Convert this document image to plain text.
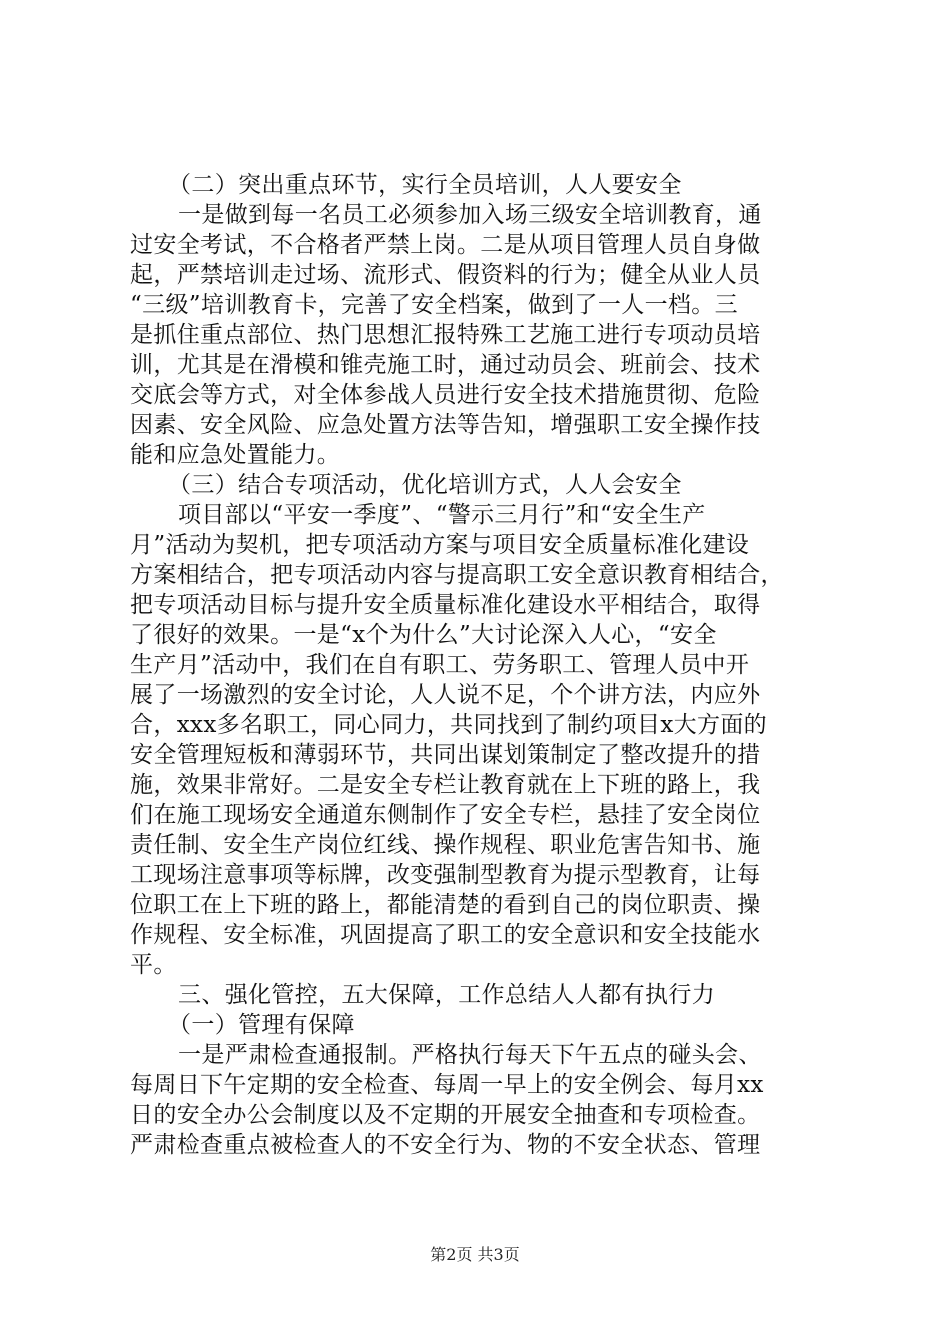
（二）突出重点环节，实行全员培训，人人要安全
一是做到每一名员工必须参加入场三级安全培训教育，通
过安全考试，不合格者严禁上岗。二是从项目管理人员自身做
起，严禁培训走过场、流形式、假资料的行为；健全从业人员
“三级”培训教育卡，完善了安全档案，做到了一人一档。三
是抓住重点部位、热门思想汇报特殊工艺施工进行专项动员培
训，尤其是在滑模和锥壳施工时，通过动员会、班前会、技术
交底会等方式，对全体参战人员进行安全技术措施贯彻、危险
因素、安全风险、应急处置方法等告知，增强职工安全操作技
能和应急处置能力。
（三）结合专项活动，优化培训方式，人人会安全
项目部以“平安一季度”、“警示三月行”和“安全生产
月”活动为契机，把专项活动方案与项目安全质量标准化建设
方案相结合，把专项活动内容与提高职工安全意识教育相结合，
把专项活动目标与提升安全质量标准化建设水平相结合，取得
了很好的效果。一是“x个为什么”大讨论深入人心，“安全
生产月”活动中，我们在自有职工、劳务职工、管理人员中开
展了一场激烈的安全讨论，人人说不足，个个讲方法，内应外
合，xxx多名职工，同心同力，共同找到了制约项目x大方面的
安全管理短板和薄弱环节，共同出谋划策制定了整改提升的措
施，效果非常好。二是安全专栏让教育就在上下班的路上，我
们在施工现场安全通道东侧制作了安全专栏，悬挂了安全岗位
责任制、安全生产岗位红线、操作规程、职业危害告知书、施
工现场注意事项等标牌，改变强制型教育为提示型教育，让每
位职工在上下班的路上，都能清楚的看到自己的岗位职责、操
作规程、安全标准，巩固提高了职工的安全意识和安全技能水
平。
三、强化管控，五大保障，工作总结人人都有执行力
（一）管理有保障
一是严肃检查通报制。严格执行每天下午五点的碰头会、
每周日下午定期的安全检查、每周一早上的安全例会、每月xx
日的安全办公会制度以及不定期的开展安全抽查和专项检查。
严肃检查重点被检查人的不安全行为、物的不安全状态、管理
第2页 共3页
